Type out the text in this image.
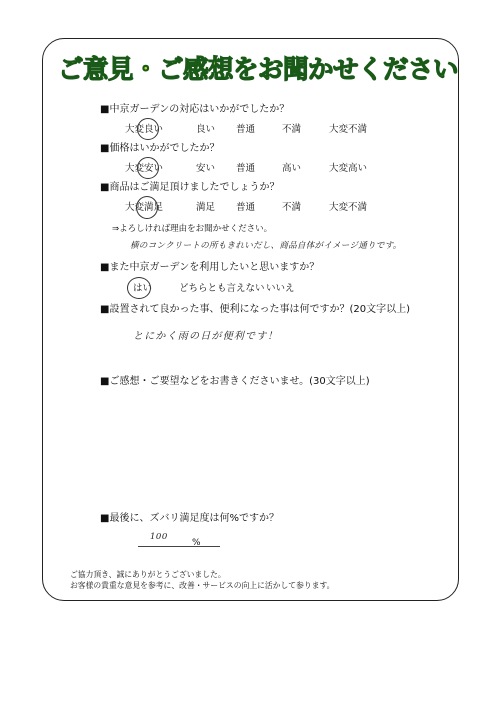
ご意見・ご感想をお聞かせください
■中京ガーデンの対応はいかがでしたか？
大変良い	良い 普通	不満	大変不満
■価格はいかがでしたか？
大変安い	安い 普通	高い	大変高い
■商品はご満足頂けましたでしょうか？
大変満足	満足 普通	不満	大変不満
⇒よろしければ理由をお聞かせください。
横のコンクリートの所もきれいだし、商品自体がイメージ通りです。
■また中京ガーデンを利用したいと思いますか？
はい	どちらとも言えない いいえ
■設置されて良かった事、便利になった事は何ですか？(20文字以上)
とにかく雨の日が便利です！
■ご感想・ご要望などをお書きくださいませ。(30文字以上)
■最後に、ズバリ満足度は何%ですか？
100
%
ご協力頂き、誠にありがとうございました。
お客様の貴重な意見を参考に、改善・サービスの向上に活かして参ります。
